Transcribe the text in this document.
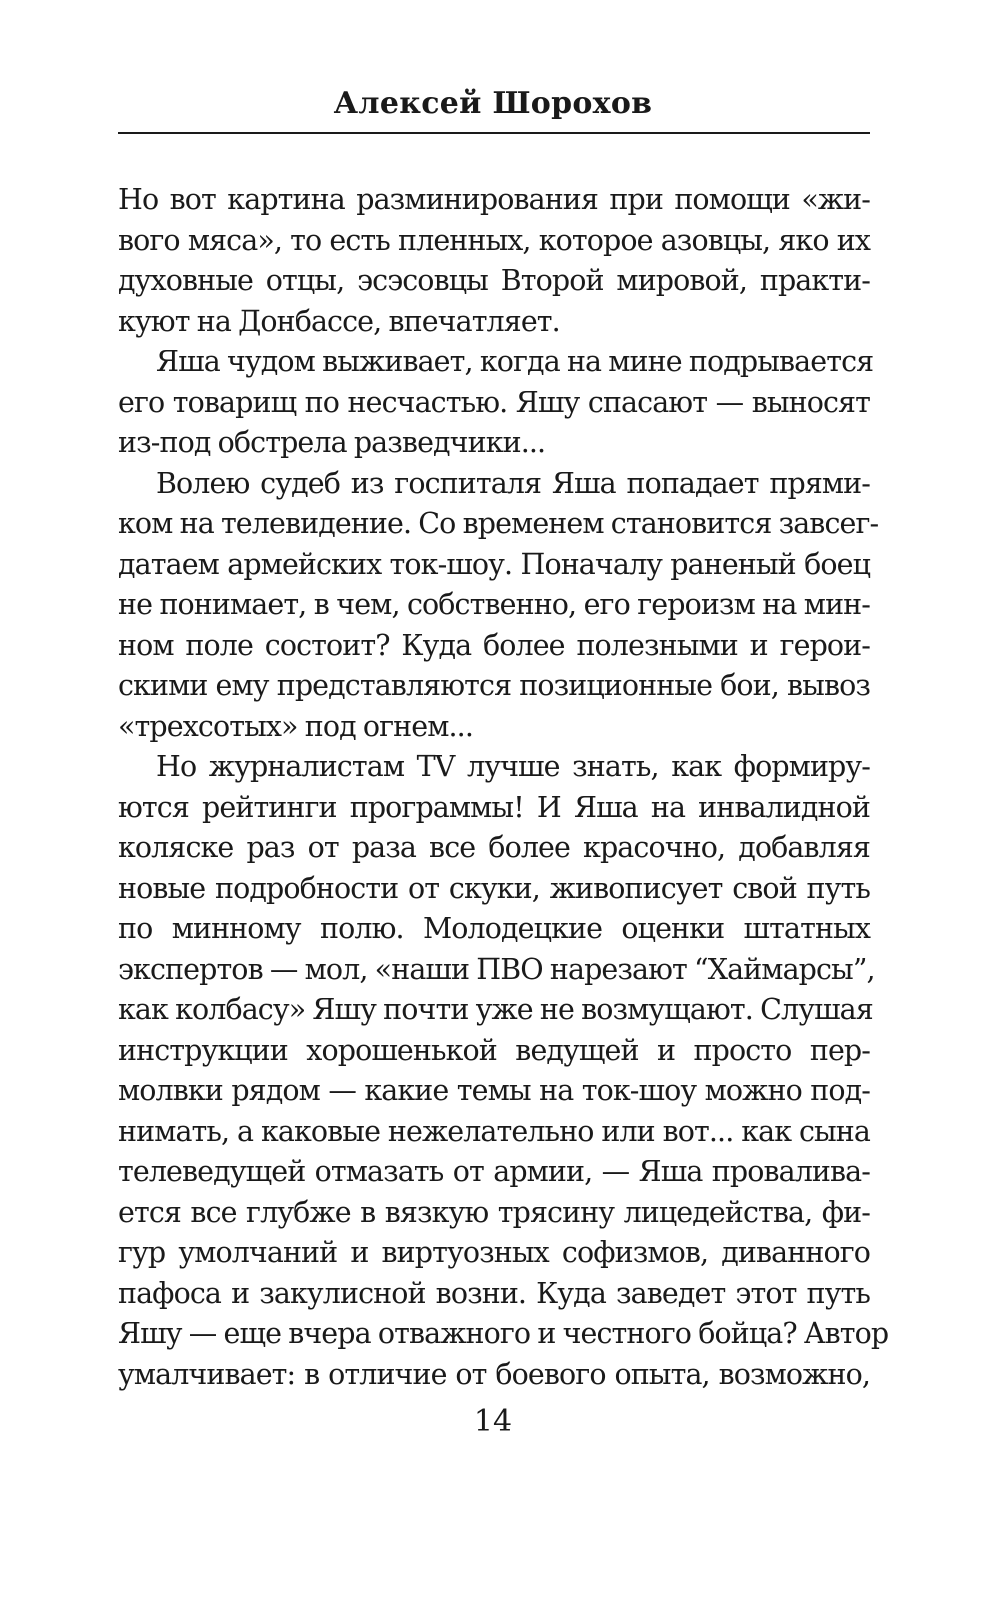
Алексей Шорохов
Но вот картина разминирования при помощи «жи-
вого мяса», то есть пленных, которое азовцы, яко их
духовные отцы, эсэсовцы Второй мировой, практи-
куют на Донбассе, впечатляет.
Яша чудом выживает, когда на мине подрывается
его товарищ по несчастью. Яшу спасают — выносят
из-под обстрела разведчики...
Волею судеб из госпиталя Яша попадает прями-
ком на телевидение. Со временем становится завсег-
датаем армейских ток-шоу. Поначалу раненый боец
не понимает, в чем, собственно, его героизм на мин-
ном поле состоит? Куда более полезными и герои-
скими ему представляются позиционные бои, вывоз
«трехсотых» под огнем...
Но журналистам TV лучше знать, как формиру-
ются рейтинги программы! И Яша на инвалидной
коляске раз от раза все более красочно, добавляя
новые подробности от скуки, живописует свой путь
по минному полю. Молодецкие оценки штатных
экспертов — мол, «наши ПВО нарезают “Хаймарсы”,
как колбасу» Яшу почти уже не возмущают. Слушая
инструкции хорошенькой ведущей и просто пер-
молвки рядом — какие темы на ток-шоу можно под-
нимать, а каковые нежелательно или вот... как сына
телеведущей отмазать от армии, — Яша проваливa-
ется все глубже в вязкую трясину лицедейства, фи-
гур умолчаний и виртуозных софизмов, диванного
пафоса и закулисной возни. Куда заведет этот путь
Яшу — еще вчера отважного и честного бойца? Автор
умалчивает: в отличие от боевого опыта, возможно,
14
